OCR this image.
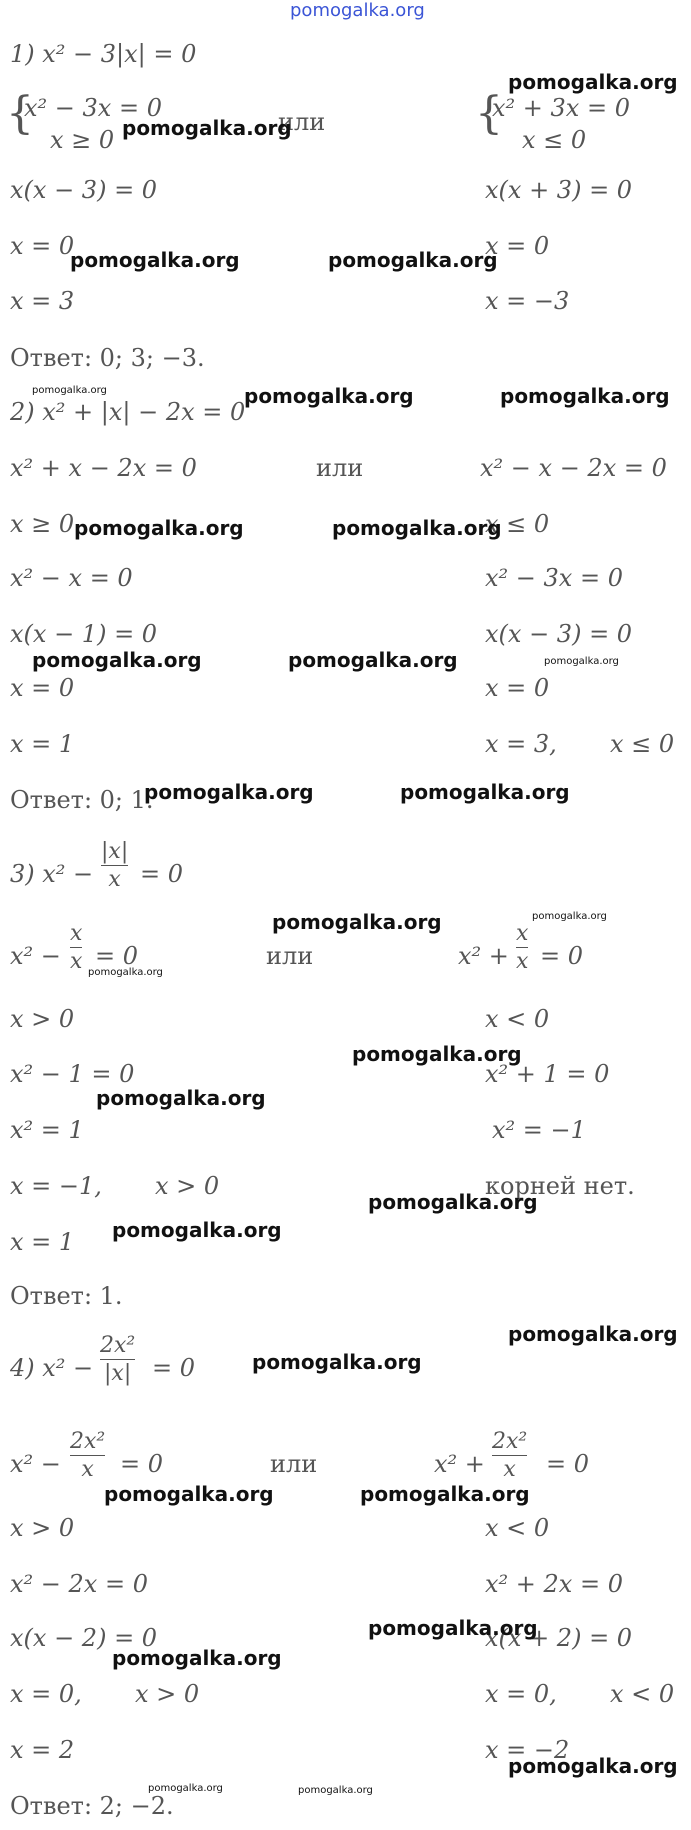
pomogalka.org
1) x² − 3|x| = 0
{
x² − 3x = 0
x ≥ 0
или	{
x² + 3x = 0
x ≤ 0
x(x − 3) = 0	x(x + 3) = 0
x = 0	x = 0
x = 3	x = −3
Ответ: 0; 3; −3.
2) x² + |x| − 2x = 0
x² + x − 2x = 0	или	x² − x − 2x = 0
x ≥ 0	x ≤ 0
x² − x = 0	x² − 3x = 0
x(x − 1) = 0	x(x − 3) = 0
x = 0	x = 0
x = 1	x = 3, x ≤ 0
Ответ: 0; 1.
3) x² −
|x|
x = 0
x² −
x
x = 0	или	x² +
x
x = 0
x > 0	x < 0
x² − 1 = 0	x² + 1 = 0
x² = 1	x² = −1
x = −1, x > 0	корней нет.
x = 1
Ответ: 1.
4) x² −
2x²
|x| = 0
x² −
2x²
x = 0	или	x² +
2x²
x = 0
x > 0	x < 0
x² − 2x = 0	x² + 2x = 0
x(x − 2) = 0	x(x + 2) = 0
x = 0, x > 0	x = 0, x < 0
x = 2	x = −2
Ответ: 2; −2.
pomogalka.org
pomogalka.org
pomogalka.org	pomogalka.org
pomogalka.org	pomogalka.org	pomogalka.org
pomogalka.org	pomogalka.org
pomogalka.org	pomogalka.org	pomogalka.org
pomogalka.org	pomogalka.org
pomogalka.org	pomogalka.org
pomogalka.org
pomogalka.org
pomogalka.org
pomogalka.org
pomogalka.org
pomogalka.org
pomogalka.org
pomogalka.org	pomogalka.org
pomogalka.org
pomogalka.org
pomogalka.org
pomogalka.org	pomogalka.org
